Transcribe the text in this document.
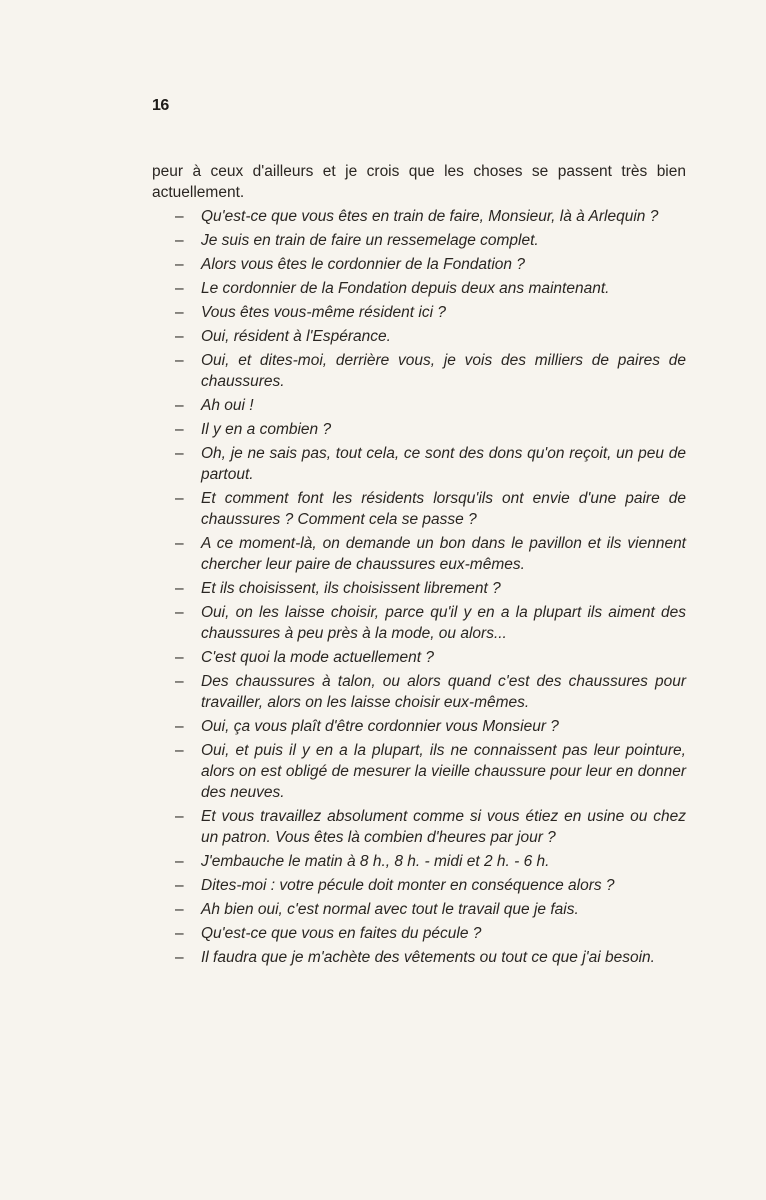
16

peur à ceux d'ailleurs et je crois que les choses se passent très bien actuellement.

– Qu'est-ce que vous êtes en train de faire, Monsieur, là à Arlequin ?
– Je suis en train de faire un ressemelage complet.
– Alors vous êtes le cordonnier de la Fondation ?
– Le cordonnier de la Fondation depuis deux ans maintenant.
– Vous êtes vous-même résident ici ?
– Oui, résident à l'Espérance.
– Oui, et dites-moi, derrière vous, je vois des milliers de paires de chaussures.
– Ah oui !
– Il y en a combien ?
– Oh, je ne sais pas, tout cela, ce sont des dons qu'on reçoit, un peu de partout.
– Et comment font les résidents lorsqu'ils ont envie d'une paire de chaussures ? Comment cela se passe ?
– A ce moment-là, on demande un bon dans le pavillon et ils viennent chercher leur paire de chaussures eux-mêmes.
– Et ils choisissent, ils choisissent librement ?
– Oui, on les laisse choisir, parce qu'il y en a la plupart ils aiment des chaussures à peu près à la mode, ou alors...
– C'est quoi la mode actuellement ?
– Des chaussures à talon, ou alors quand c'est des chaussures pour travailler, alors on les laisse choisir eux-mêmes.
– Oui, ça vous plaît d'être cordonnier vous Monsieur ?
– Oui, et puis il y en a la plupart, ils ne connaissent pas leur pointure, alors on est obligé de mesurer la vieille chaussure pour leur en donner des neuves.
– Et vous travaillez absolument comme si vous étiez en usine ou chez un patron. Vous êtes là combien d'heures par jour ?
– J'embauche le matin à 8 h., 8 h. - midi et 2 h. - 6 h.
– Dites-moi : votre pécule doit monter en conséquence alors ?
– Ah bien oui, c'est normal avec tout le travail que je fais.
– Qu'est-ce que vous en faites du pécule ?
– Il faudra que je m'achète des vêtements ou tout ce que j'ai besoin.
